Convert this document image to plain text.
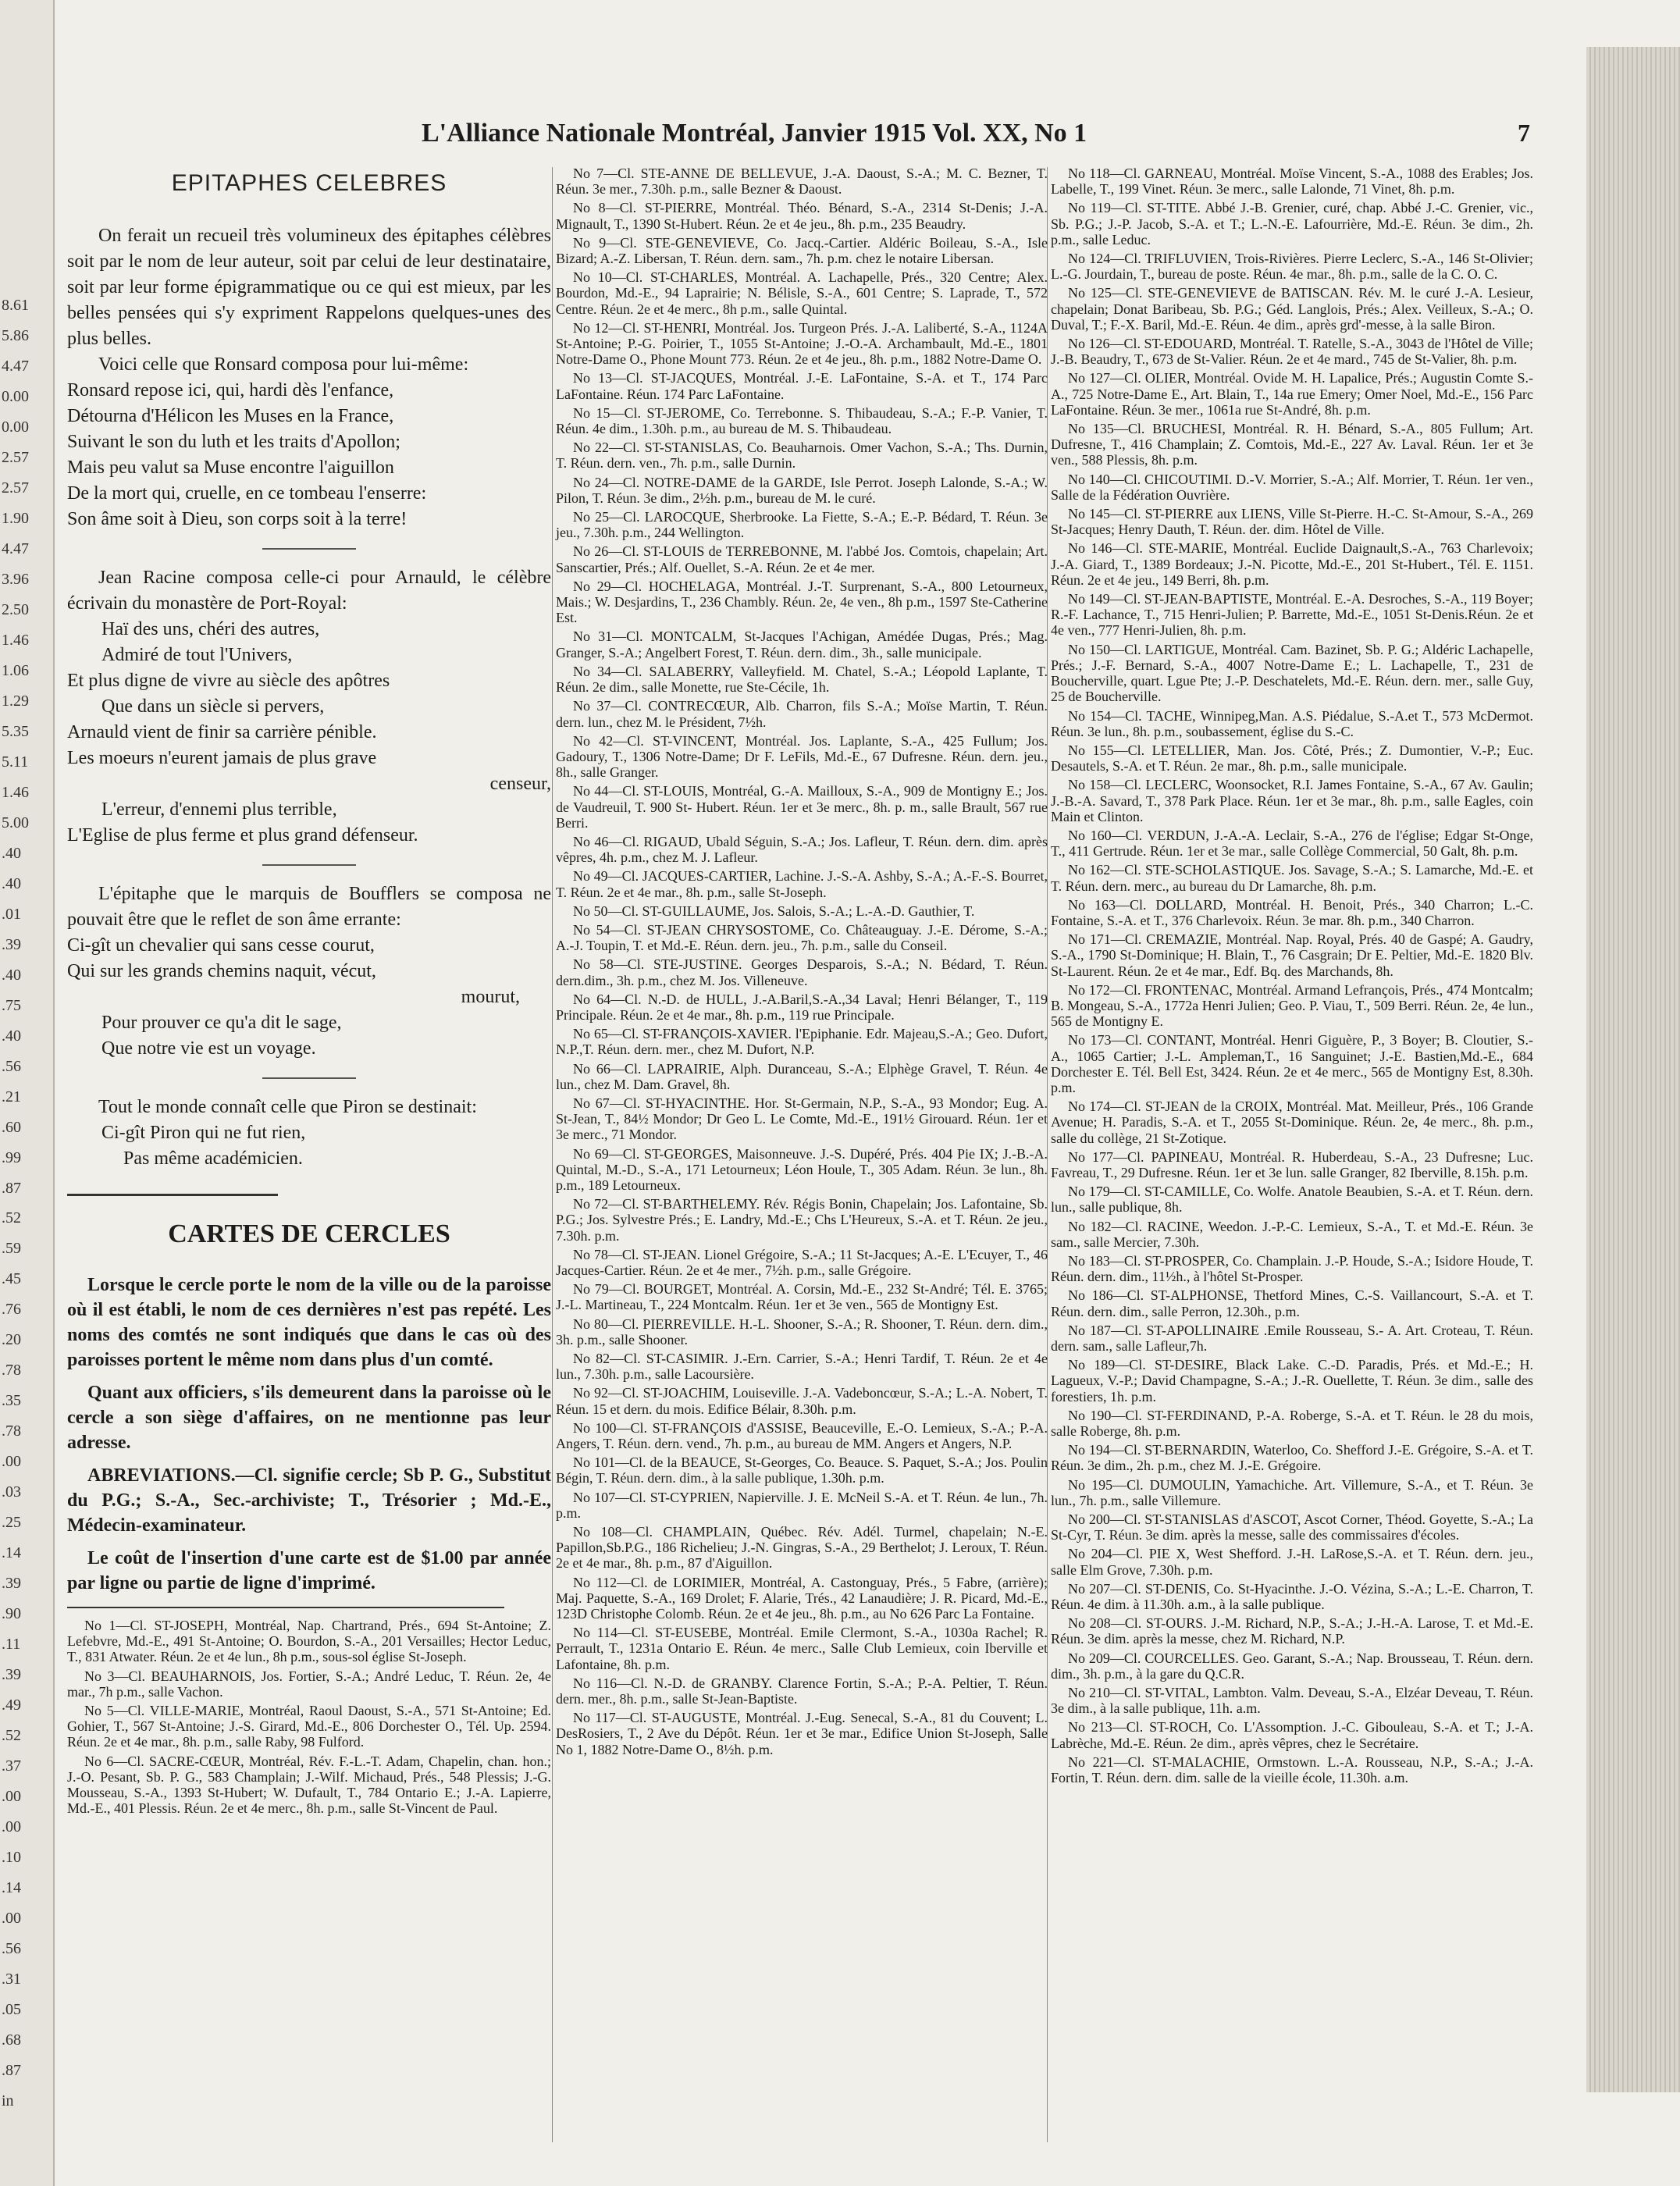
8.61
5.86
4.47
0.00
0.00
2.57
2.57
1.90
4.47
3.96
2.50
1.46
1.06
1.29
5.35
5.11
1.46
5.00
.40
.40
.01
.39
.40
.75
.40
.56
.21
.60
.99
.87
.52
.59
.45
.76
.20
.78
.35
.78
.00
.03
.25
.14
.39
.90
.11
.39
.49
.52
.37
.00
.00
.10
.14
.00
.56
.31
.05
.68
.87
in
L'Alliance Nationale Montréal, Janvier 1915 Vol. XX, No 1	7
EPITAPHES CELEBRES

On ferait un recueil très volumineux des épitaphes célèbres soit par le nom de leur auteur, soit par celui de leur destinataire, soit par leur forme épigrammatique ou ce qui est mieux, par les belles pensées qui s'y expriment Rappelons quelques-unes des plus belles.

Voici celle que Ronsard composa pour lui-même:

Ronsard repose ici, qui, hardi dès l'enfance,
Détourna d'Hélicon les Muses en la France,
Suivant le son du luth et les traits d'Apollon;
Mais peu valut sa Muse encontre l'aiguillon
De la mort qui, cruelle, en ce tombeau l'enserre:
Son âme soit à Dieu, son corps soit à la terre!

Jean Racine composa celle-ci pour Arnauld, le célèbre écrivain du monastère de Port-Royal:

Haï des uns, chéri des autres,
Admiré de tout l'Univers,
Et plus digne de vivre au siècle des apôtres
Que dans un siècle si pervers,
Arnauld vient de finir sa carrière pénible.
Les moeurs n'eurent jamais de plus grave
censeur,
L'erreur, d'ennemi plus terrible,
L'Eglise de plus ferme et plus grand défenseur.

L'épitaphe que le marquis de Boufflers se composa ne pouvait être que le reflet de son âme errante:

Ci-gît un chevalier qui sans cesse courut,
Qui sur les grands chemins naquit, vécut,
mourut,
Pour prouver ce qu'a dit le sage,
Que notre vie est un voyage.

Tout le monde connaît celle que Piron se destinait:

Ci-gît Piron qui ne fut rien,
Pas même académicien.
CARTES DE CERCLES

Lorsque le cercle porte le nom de la ville ou de la paroisse où il est établi, le nom de ces dernières n'est pas repété. Les noms des comtés ne sont indiqués que dans le cas où des paroisses portent le même nom dans plus d'un comté.

Quant aux officiers, s'ils demeurent dans la paroisse où le cercle a son siège d'affaires, on ne mentionne pas leur adresse.

ABREVIATIONS.—Cl. signifie cercle; Sb P. G., Substitut du P.G.; S.-A., Sec.-archiviste; T., Trésorier ; Md.-E., Médecin-examinateur.

Le coût de l'insertion d'une carte est de $1.00 par année par ligne ou partie de ligne d'imprimé.

No 1—Cl. ST-JOSEPH, Montréal, Nap. Chartrand, Prés., 694 St-Antoine; Z. Lefebvre, Md.-E., 491 St-Antoine; O. Bourdon, S.-A., 201 Versailles; Hector Leduc, T., 831 Atwater. Réun. 2e et 4e lun., 8h p.m., sous-sol église St-Joseph.

No 3—Cl. BEAUHARNOIS, Jos. Fortier, S.-A.; André Leduc, T. Réun. 2e, 4e mar., 7h p.m., salle Vachon.

No 5—Cl. VILLE-MARIE, Montréal, Raoul Daoust, S.-A., 571 St-Antoine; Ed. Gohier, T., 567 St-Antoine; J.-S. Girard, Md.-E., 806 Dorchester O., Tél. Up. 2594. Réun. 2e et 4e mar., 8h. p.m., salle Raby, 98 Fulford.

No 6—Cl. SACRE-CŒUR, Montréal, Rév. F.-L.-T. Adam, Chapelin, chan. hon.; J.-O. Pesant, Sb. P. G., 583 Champlain; J.-Wilf. Michaud, Prés., 548 Plessis; J.-G. Mousseau, S.-A., 1393 St-Hubert; W. Dufault, T., 784 Ontario E.; J.-A. Lapierre, Md.-E., 401 Plessis. Réun. 2e et 4e merc., 8h. p.m., salle St-Vincent de Paul.

No 7—Cl. STE-ANNE DE BELLEVUE, J.-A. Daoust, S.-A.; M. C. Bezner, T. Réun. 3e mer., 7.30h. p.m., salle Bezner & Daoust.

No 8—Cl. ST-PIERRE, Montréal. Théo. Bénard, S.-A., 2314 St-Denis; J.-A. Mignault, T., 1390 St-Hubert. Réun. 2e et 4e jeu., 8h. p.m., 235 Beaudry.

No 9—Cl. STE-GENEVIEVE, Co. Jacq.-Cartier. Aldéric Boileau, S.-A., Isle Bizard; A.-Z. Libersan, T. Réun. dern. sam., 7h. p.m. chez le notaire Libersan.

No 10—Cl. ST-CHARLES, Montréal. A. Lachapelle, Prés., 320 Centre; Alex. Bourdon, Md.-E., 94 Laprairie; N. Bélisle, S.-A., 601 Centre; S. Laprade, T., 572 Centre. Réun. 2e et 4e merc., 8h p.m., salle Quintal.

No 12—Cl. ST-HENRI, Montréal. Jos. Turgeon Prés. J.-A. Laliberté, S.-A., 1124A St-Antoine; P.-G. Poirier, T., 1055 St-Antoine; J.-O.-A. Archambault, Md.-E., 1801 Notre-Dame O., Phone Mount 773. Réun. 2e et 4e jeu., 8h. p.m., 1882 Notre-Dame O.

No 13—Cl. ST-JACQUES, Montréal. J.-E. LaFontaine, S.-A. et T., 174 Parc LaFontaine. Réun. 174 Parc LaFontaine.

No 15—Cl. ST-JEROME, Co. Terrebonne. S. Thibaudeau, S.-A.; F.-P. Vanier, T. Réun. 4e dim., 1.30h. p.m., au bureau de M. S. Thibaudeau.

No 22—Cl. ST-STANISLAS, Co. Beauharnois. Omer Vachon, S.-A.; Ths. Durnin, T. Réun. dern. ven., 7h. p.m., salle Durnin.

No 24—Cl. NOTRE-DAME de la GARDE, Isle Perrot. Joseph Lalonde, S.-A.; W. Pilon, T. Réun. 3e dim., 2½h. p.m., bureau de M. le curé.

No 25—Cl. LAROCQUE, Sherbrooke. La Fiette, S.-A.; E.-P. Bédard, T. Réun. 3e jeu., 7.30h. p.m., 244 Wellington.

No 26—Cl. ST-LOUIS de TERREBONNE, M. l'abbé Jos. Comtois, chapelain; Art. Sanscartier, Prés.; Alf. Ouellet, S.-A. Réun. 2e et 4e mer.

No 29—Cl. HOCHELAGA, Montréal. J.-T. Surprenant, S.-A., 800 Letourneux, Mais.; W. Desjardins, T., 236 Chambly. Réun. 2e, 4e ven., 8h p.m., 1597 Ste-Catherine Est.

No 31—Cl. MONTCALM, St-Jacques l'Achigan, Amédée Dugas, Prés.; Mag. Granger, S.-A.; Angelbert Forest, T. Réun. dern. dim., 3h., salle municipale.

No 34—Cl. SALABERRY, Valleyfield. M. Chatel, S.-A.; Léopold Laplante, T. Réun. 2e dim., salle Monette, rue Ste-Cécile, 1h.

No 37—Cl. CONTRECŒUR, Alb. Charron, fils S.-A.; Moïse Martin, T. Réun. dern. lun., chez M. le Président, 7½h.

No 42—Cl. ST-VINCENT, Montréal. Jos. Laplante, S.-A., 425 Fullum; Jos. Gadoury, T., 1306 Notre-Dame; Dr F. LeFils, Md.-E., 67 Dufresne. Réun. dern. jeu., 8h., salle Granger.

No 44—Cl. ST-LOUIS, Montréal, G.-A. Mailloux, S.-A., 909 de Montigny E.; Jos. de Vaudreuil, T. 900 St- Hubert. Réun. 1er et 3e merc., 8h. p. m., salle Brault, 567 rue Berri.

No 46—Cl. RIGAUD, Ubald Séguin, S.-A.; Jos. Lafleur, T. Réun. dern. dim. après vêpres, 4h. p.m., chez M. J. Lafleur.

No 49—Cl. JACQUES-CARTIER, Lachine. J.-S.-A. Ashby, S.-A.; A.-F.-S. Bourret, T. Réun. 2e et 4e mar., 8h. p.m., salle St-Joseph.

No 50—Cl. ST-GUILLAUME, Jos. Salois, S.-A.; L.-A.-D. Gauthier, T.

No 54—Cl. ST-JEAN CHRYSOSTOME, Co. Châteauguay. J.-E. Dérome, S.-A.; A.-J. Toupin, T. et Md.-E. Réun. dern. jeu., 7h. p.m., salle du Conseil.

No 58—Cl. STE-JUSTINE. Georges Desparois, S.-A.; N. Bédard, T. Réun. dern.dim., 3h. p.m., chez M. Jos. Villeneuve.

No 64—Cl. N.-D. de HULL, J.-A.Baril,S.-A.,34 Laval; Henri Bélanger, T., 119 Principale. Réun. 2e et 4e mar., 8h. p.m., 119 rue Principale.

No 65—Cl. ST-FRANÇOIS-XAVIER. l'Epiphanie. Edr. Majeau,S.-A.; Geo. Dufort, N.P.,T. Réun. dern. mer., chez M. Dufort, N.P.

No 66—Cl. LAPRAIRIE, Alph. Duranceau, S.-A.; Elphège Gravel, T. Réun. 4e lun., chez M. Dam. Gravel, 8h.

No 67—Cl. ST-HYACINTHE. Hor. St-Germain, N.P., S.-A., 93 Mondor; Eug. A. St-Jean, T., 84½ Mondor; Dr Geo L. Le Comte, Md.-E., 191½ Girouard. Réun. 1er et 3e merc., 71 Mondor.

No 69—Cl. ST-GEORGES, Maisonneuve. J.-S. Dupéré, Prés. 404 Pie IX; J.-B.-A. Quintal, M.-D., S.-A., 171 Letourneux; Léon Houle, T., 305 Adam. Réun. 3e lun., 8h. p.m., 189 Letourneux.

No 72—Cl. ST-BARTHELEMY. Rév. Régis Bonin, Chapelain; Jos. Lafontaine, Sb. P.G.; Jos. Sylvestre Prés.; E. Landry, Md.-E.; Chs L'Heureux, S.-A. et T. Réun. 2e jeu., 7.30h. p.m.

No 78—Cl. ST-JEAN. Lionel Grégoire, S.-A.; 11 St-Jacques; A.-E. L'Ecuyer, T., 46 Jacques-Cartier. Réun. 2e et 4e mer., 7½h. p.m., salle Grégoire.

No 79—Cl. BOURGET, Montréal. A. Corsin, Md.-E., 232 St-André; Tél. E. 3765; J.-L. Martineau, T., 224 Montcalm. Réun. 1er et 3e ven., 565 de Montigny Est.

No 80—Cl. PIERREVILLE. H.-L. Shooner, S.-A.; R. Shooner, T. Réun. dern. dim., 3h. p.m., salle Shooner.

No 82—Cl. ST-CASIMIR. J.-Ern. Carrier, S.-A.; Henri Tardif, T. Réun. 2e et 4e lun., 7.30h. p.m., salle Lacoursière.

No 92—Cl. ST-JOACHIM, Louiseville. J.-A. Vadeboncœur, S.-A.; L.-A. Nobert, T. Réun. 15 et dern. du mois. Edifice Bélair, 8.30h. p.m.

No 100—Cl. ST-FRANÇOIS d'ASSISE, Beauceville, E.-O. Lemieux, S.-A.; P.-A. Angers, T. Réun. dern. vend., 7h. p.m., au bureau de MM. Angers et Angers, N.P.

No 101—Cl. de la BEAUCE, St-Georges, Co. Beauce. S. Paquet, S.-A.; Jos. Poulin Bégin, T. Réun. dern. dim., à la salle publique, 1.30h. p.m.

No 107—Cl. ST-CYPRIEN, Napierville. J. E. McNeil S.-A. et T. Réun. 4e lun., 7h. p.m.

No 108—Cl. CHAMPLAIN, Québec. Rév. Adél. Turmel, chapelain; N.-E. Papillon,Sb.P.G., 186 Richelieu; J.-N. Gingras, S.-A., 29 Berthelot; J. Leroux, T. Réun. 2e et 4e mar., 8h. p.m., 87 d'Aiguillon.

No 112—Cl. de LORIMIER, Montréal, A. Castonguay, Prés., 5 Fabre, (arrière); Maj. Paquette, S.-A., 169 Drolet; F. Alarie, Trés., 42 Lanaudière; J. R. Picard, Md.-E., 123D Christophe Colomb. Réun. 2e et 4e jeu., 8h. p.m., au No 626 Parc La Fontaine.

No 114—Cl. ST-EUSEBE, Montréal. Emile Clermont, S.-A., 1030a Rachel; R. Perrault, T., 1231a Ontario E. Réun. 4e merc., Salle Club Lemieux, coin Iberville et Lafontaine, 8h. p.m.

No 116—Cl. N.-D. de GRANBY. Clarence Fortin, S.-A.; P.-A. Peltier, T. Réun. dern. mer., 8h. p.m., salle St-Jean-Baptiste.

No 117—Cl. ST-AUGUSTE, Montréal. J.-Eug. Senecal, S.-A., 81 du Couvent; L. DesRosiers, T., 2 Ave du Dépôt. Réun. 1er et 3e mar., Edifice Union St-Joseph, Salle No 1, 1882 Notre-Dame O., 8½h. p.m.

No 118—Cl. GARNEAU, Montréal. Moïse Vincent, S.-A., 1088 des Erables; Jos. Labelle, T., 199 Vinet. Réun. 3e merc., salle Lalonde, 71 Vinet, 8h. p.m.

No 119—Cl. ST-TITE. Abbé J.-B. Grenier, curé, chap. Abbé J.-C. Grenier, vic., Sb. P.G.; J.-P. Jacob, S.-A. et T.; L.-N.-E. Lafourrière, Md.-E. Réun. 3e dim., 2h. p.m., salle Leduc.

No 124—Cl. TRIFLUVIEN, Trois-Rivières. Pierre Leclerc, S.-A., 146 St-Olivier; L.-G. Jourdain, T., bureau de poste. Réun. 4e mar., 8h. p.m., salle de la C. O. C.

No 125—Cl. STE-GENEVIEVE de BATISCAN. Rév. M. le curé J.-A. Lesieur, chapelain; Donat Baribeau, Sb. P.G.; Géd. Langlois, Prés.; Alex. Veilleux, S.-A.; O. Duval, T.; F.-X. Baril, Md.-E. Réun. 4e dim., après grd'-messe, à la salle Biron.

No 126—Cl. ST-EDOUARD, Montréal. T. Ratelle, S.-A., 3043 de l'Hôtel de Ville; J.-B. Beaudry, T., 673 de St-Valier. Réun. 2e et 4e mard., 745 de St-Valier, 8h. p.m.

No 127—Cl. OLIER, Montréal. Ovide M. H. Lapalice, Prés.; Augustin Comte S.-A., 725 Notre-Dame E., Art. Blain, T., 14a rue Emery; Omer Noel, Md.-E., 156 Parc LaFontaine. Réun. 3e mer., 1061a rue St-André, 8h. p.m.

No 135—Cl. BRUCHESI, Montréal. R. H. Bénard, S.-A., 805 Fullum; Art. Dufresne, T., 416 Champlain; Z. Comtois, Md.-E., 227 Av. Laval. Réun. 1er et 3e ven., 588 Plessis, 8h. p.m.

No 140—Cl. CHICOUTIMI. D.-V. Morrier, S.-A.; Alf. Morrier, T. Réun. 1er ven., Salle de la Fédération Ouvrière.

No 145—Cl. ST-PIERRE aux LIENS, Ville St-Pierre. H.-C. St-Amour, S.-A., 269 St-Jacques; Henry Dauth, T. Réun. der. dim. Hôtel de Ville.

No 146—Cl. STE-MARIE, Montréal. Euclide Daignault,S.-A., 763 Charlevoix; J.-A. Giard, T., 1389 Bordeaux; J.-N. Picotte, Md.-E., 201 St-Hubert., Tél. E. 1151. Réun. 2e et 4e jeu., 149 Berri, 8h. p.m.

No 149—Cl. ST-JEAN-BAPTISTE, Montréal. E.-A. Desroches, S.-A., 119 Boyer; R.-F. Lachance, T., 715 Henri-Julien; P. Barrette, Md.-E., 1051 St-Denis.Réun. 2e et 4e ven., 777 Henri-Julien, 8h. p.m.

No 150—Cl. LARTIGUE, Montréal. Cam. Bazinet, Sb. P. G.; Aldéric Lachapelle, Prés.; J.-F. Bernard, S.-A., 4007 Notre-Dame E.; L. Lachapelle, T., 231 de Boucherville, quart. Lgue Pte; J.-P. Deschatelets, Md.-E. Réun. dern. mer., salle Guy, 25 de Boucherville.

No 154—Cl. TACHE, Winnipeg,Man. A.S. Piédalue, S.-A.et T., 573 McDermot. Réun. 3e lun., 8h. p.m., soubassement, église du S.-C.

No 155—Cl. LETELLIER, Man. Jos. Côté, Prés.; Z. Dumontier, V.-P.; Euc. Desautels, S.-A. et T. Réun. 2e mar., 8h. p.m., salle municipale.

No 158—Cl. LECLERC, Woonsocket, R.I. James Fontaine, S.-A., 67 Av. Gaulin; J.-B.-A. Savard, T., 378 Park Place. Réun. 1er et 3e mar., 8h. p.m., salle Eagles, coin Main et Clinton.

No 160—Cl. VERDUN, J.-A.-A. Leclair, S.-A., 276 de l'église; Edgar St-Onge, T., 411 Gertrude. Réun. 1er et 3e mar., salle Collège Commercial, 50 Galt, 8h. p.m.

No 162—Cl. STE-SCHOLASTIQUE. Jos. Savage, S.-A.; S. Lamarche, Md.-E. et T. Réun. dern. merc., au bureau du Dr Lamarche, 8h. p.m.

No 163—Cl. DOLLARD, Montréal. H. Benoit, Prés., 340 Charron; L.-C. Fontaine, S.-A. et T., 376 Charlevoix. Réun. 3e mar. 8h. p.m., 340 Charron.

No 171—Cl. CREMAZIE, Montréal. Nap. Royal, Prés. 40 de Gaspé; A. Gaudry, S.-A., 1790 St-Dominique; H. Blain, T., 76 Casgrain; Dr E. Peltier, Md.-E. 1820 Blv. St-Laurent. Réun. 2e et 4e mar., Edf. Bq. des Marchands, 8h.

No 172—Cl. FRONTENAC, Montréal. Armand Lefrançois, Prés., 474 Montcalm; B. Mongeau, S.-A., 1772a Henri Julien; Geo. P. Viau, T., 509 Berri. Réun. 2e, 4e lun., 565 de Montigny E.

No 173—Cl. CONTANT, Montréal. Henri Giguère, P., 3 Boyer; B. Cloutier, S.-A., 1065 Cartier; J.-L. Ampleman,T., 16 Sanguinet; J.-E. Bastien,Md.-E., 684 Dorchester E. Tél. Bell Est, 3424. Réun. 2e et 4e merc., 565 de Montigny Est, 8.30h. p.m.

No 174—Cl. ST-JEAN de la CROIX, Montréal. Mat. Meilleur, Prés., 106 Grande Avenue; H. Paradis, S.-A. et T., 2055 St-Dominique. Réun. 2e, 4e merc., 8h. p.m., salle du collège, 21 St-Zotique.

No 177—Cl. PAPINEAU, Montréal. R. Huberdeau, S.-A., 23 Dufresne; Luc. Favreau, T., 29 Dufresne. Réun. 1er et 3e lun. salle Granger, 82 Iberville, 8.15h. p.m.

No 179—Cl. ST-CAMILLE, Co. Wolfe. Anatole Beaubien, S.-A. et T. Réun. dern. lun., salle publique, 8h.

No 182—Cl. RACINE, Weedon. J.-P.-C. Lemieux, S.-A., T. et Md.-E. Réun. 3e sam., salle Mercier, 7.30h.

No 183—Cl. ST-PROSPER, Co. Champlain. J.-P. Houde, S.-A.; Isidore Houde, T. Réun. dern. dim., 11½h., à l'hôtel St-Prosper.

No 186—Cl. ST-ALPHONSE, Thetford Mines, C.-S. Vaillancourt, S.-A. et T. Réun. dern. dim., salle Perron, 12.30h., p.m.

No 187—Cl. ST-APOLLINAIRE .Emile Rousseau, S.- A. Art. Croteau, T. Réun. dern. sam., salle Lafleur,7h.

No 189—Cl. ST-DESIRE, Black Lake. C.-D. Paradis, Prés. et Md.-E.; H. Lagueux, V.-P.; David Champagne, S.-A.; J.-R. Ouellette, T. Réun. 3e dim., salle des forestiers, 1h. p.m.

No 190—Cl. ST-FERDINAND, P.-A. Roberge, S.-A. et T. Réun. le 28 du mois, salle Roberge, 8h. p.m.

No 194—Cl. ST-BERNARDIN, Waterloo, Co. Shefford J.-E. Grégoire, S.-A. et T. Réun. 3e dim., 2h. p.m., chez M. J.-E. Grégoire.

No 195—Cl. DUMOULIN, Yamachiche. Art. Villemure, S.-A., et T. Réun. 3e lun., 7h. p.m., salle Villemure.

No 200—Cl. ST-STANISLAS d'ASCOT, Ascot Corner, Théod. Goyette, S.-A.; La St-Cyr, T. Réun. 3e dim. après la messe, salle des commissaires d'écoles.

No 204—Cl. PIE X, West Shefford. J.-H. LaRose,S.-A. et T. Réun. dern. jeu., salle Elm Grove, 7.30h. p.m.

No 207—Cl. ST-DENIS, Co. St-Hyacinthe. J.-O. Vézina, S.-A.; L.-E. Charron, T. Réun. 4e dim. à 11.30h. a.m., à la salle publique.

No 208—Cl. ST-OURS. J.-M. Richard, N.P., S.-A.; J.-H.-A. Larose, T. et Md.-E. Réun. 3e dim. après la messe, chez M. Richard, N.P.

No 209—Cl. COURCELLES. Geo. Garant, S.-A.; Nap. Brousseau, T. Réun. dern. dim., 3h. p.m., à la gare du Q.C.R.

No 210—Cl. ST-VITAL, Lambton. Valm. Deveau, S.-A., Elzéar Deveau, T. Réun. 3e dim., à la salle publique, 11h. a.m.

No 213—Cl. ST-ROCH, Co. L'Assomption. J.-C. Gibouleau, S.-A. et T.; J.-A. Labrèche, Md.-E. Réun. 2e dim., après vêpres, chez le Secrétaire.

No 221—Cl. ST-MALACHIE, Ormstown. L.-A. Rousseau, N.P., S.-A.; J.-A. Fortin, T. Réun. dern. dim. salle de la vieille école, 11.30h. a.m.
